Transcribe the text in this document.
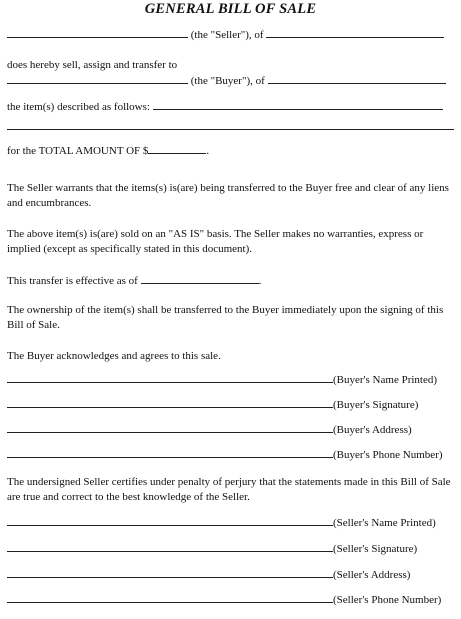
GENERAL BILL OF SALE
(the "Seller"), of
does hereby sell, assign and transfer to
(the "Buyer"), of
the item(s) described as follows:
for the TOTAL AMOUNT OF $	.
The Seller warrants that the items(s) is(are) being transferred to the Buyer free and clear of any liens and encumbrances.
The above item(s) is(are) sold on an "AS IS" basis. The Seller makes no warranties, express or implied (except as specifically stated in this document).
This transfer is effective as of	.
The ownership of the item(s) shall be transferred to the Buyer immediately upon the signing of this Bill of Sale.
The Buyer acknowledges and agrees to this sale.
(Buyer's Name Printed)
(Buyer's Signature)
(Buyer's Address)
(Buyer's Phone Number)
The undersigned Seller certifies under penalty of perjury that the statements made in this Bill of Sale are true and correct to the best knowledge of the Seller.
(Seller's Name Printed)
(Seller's Signature)
(Seller's Address)
(Seller's Phone Number)
